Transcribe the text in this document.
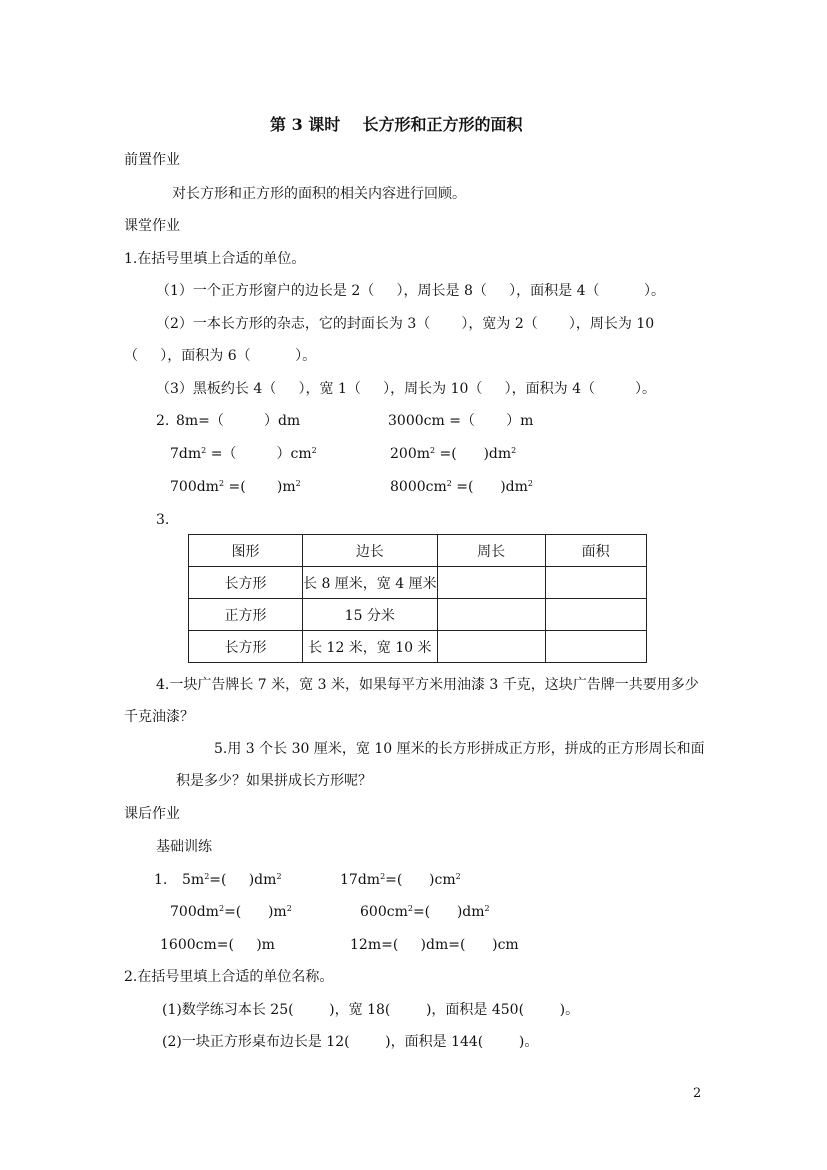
第 3 课时    长方形和正方形的面积
前置作业
对长方形和正方形的面积的相关内容进行回顾。
课堂作业
1.在括号里填上合适的单位。
（1）一个正方形窗户的边长是 2（     ），周长是 8（     ），面积是 4（          ）。
（2）一本长方形的杂志，它的封面长为 3（       ），宽为 2（       ），周长为 10
（     ），面积为 6（          ）。
（3）黑板约长 4（     ），宽 1（     ），周长为 10（     ），面积为 4（         ）。
2. 8m=（         ）dm	3000cm =（       ）m
$7dm^2$ =（         ）$cm^2$	$200m^2$ =(      )$dm^2$
$700dm^2$ =(       )$m^2$	$8000cm^2$ =(      )$dm^2$
3.
图形	边长	周长	面积
长方形	长 8 厘米，宽 4 厘米		
正方形	15 分米		
长方形	长 12 米，宽 10 米		
4.一块广告牌长 7 米，宽 3 米，如果每平方米用油漆 3 千克，这块广告牌一共要用多少
千克油漆？
5.用 3 个长 30 厘米，宽 10 厘米的长方形拼成正方形，拼成的正方形周长和面
积是多少？如果拼成长方形呢？
课后作业
基础训练
1. $5m^2=$(     )$dm^2$	$17dm^2=$(      )$cm^2$
$700dm^2=$(      )$m^2$	$600cm^2=$(      )$dm^2$
1600cm=(     )m	12m=(     )dm=(      )cm
2.在括号里填上合适的单位名称。
(1)数学练习本长 25(        )，宽 18(        )，面积是 450(        )。
(2)一块正方形桌布边长是 12(        )，面积是 144(        )。
2
